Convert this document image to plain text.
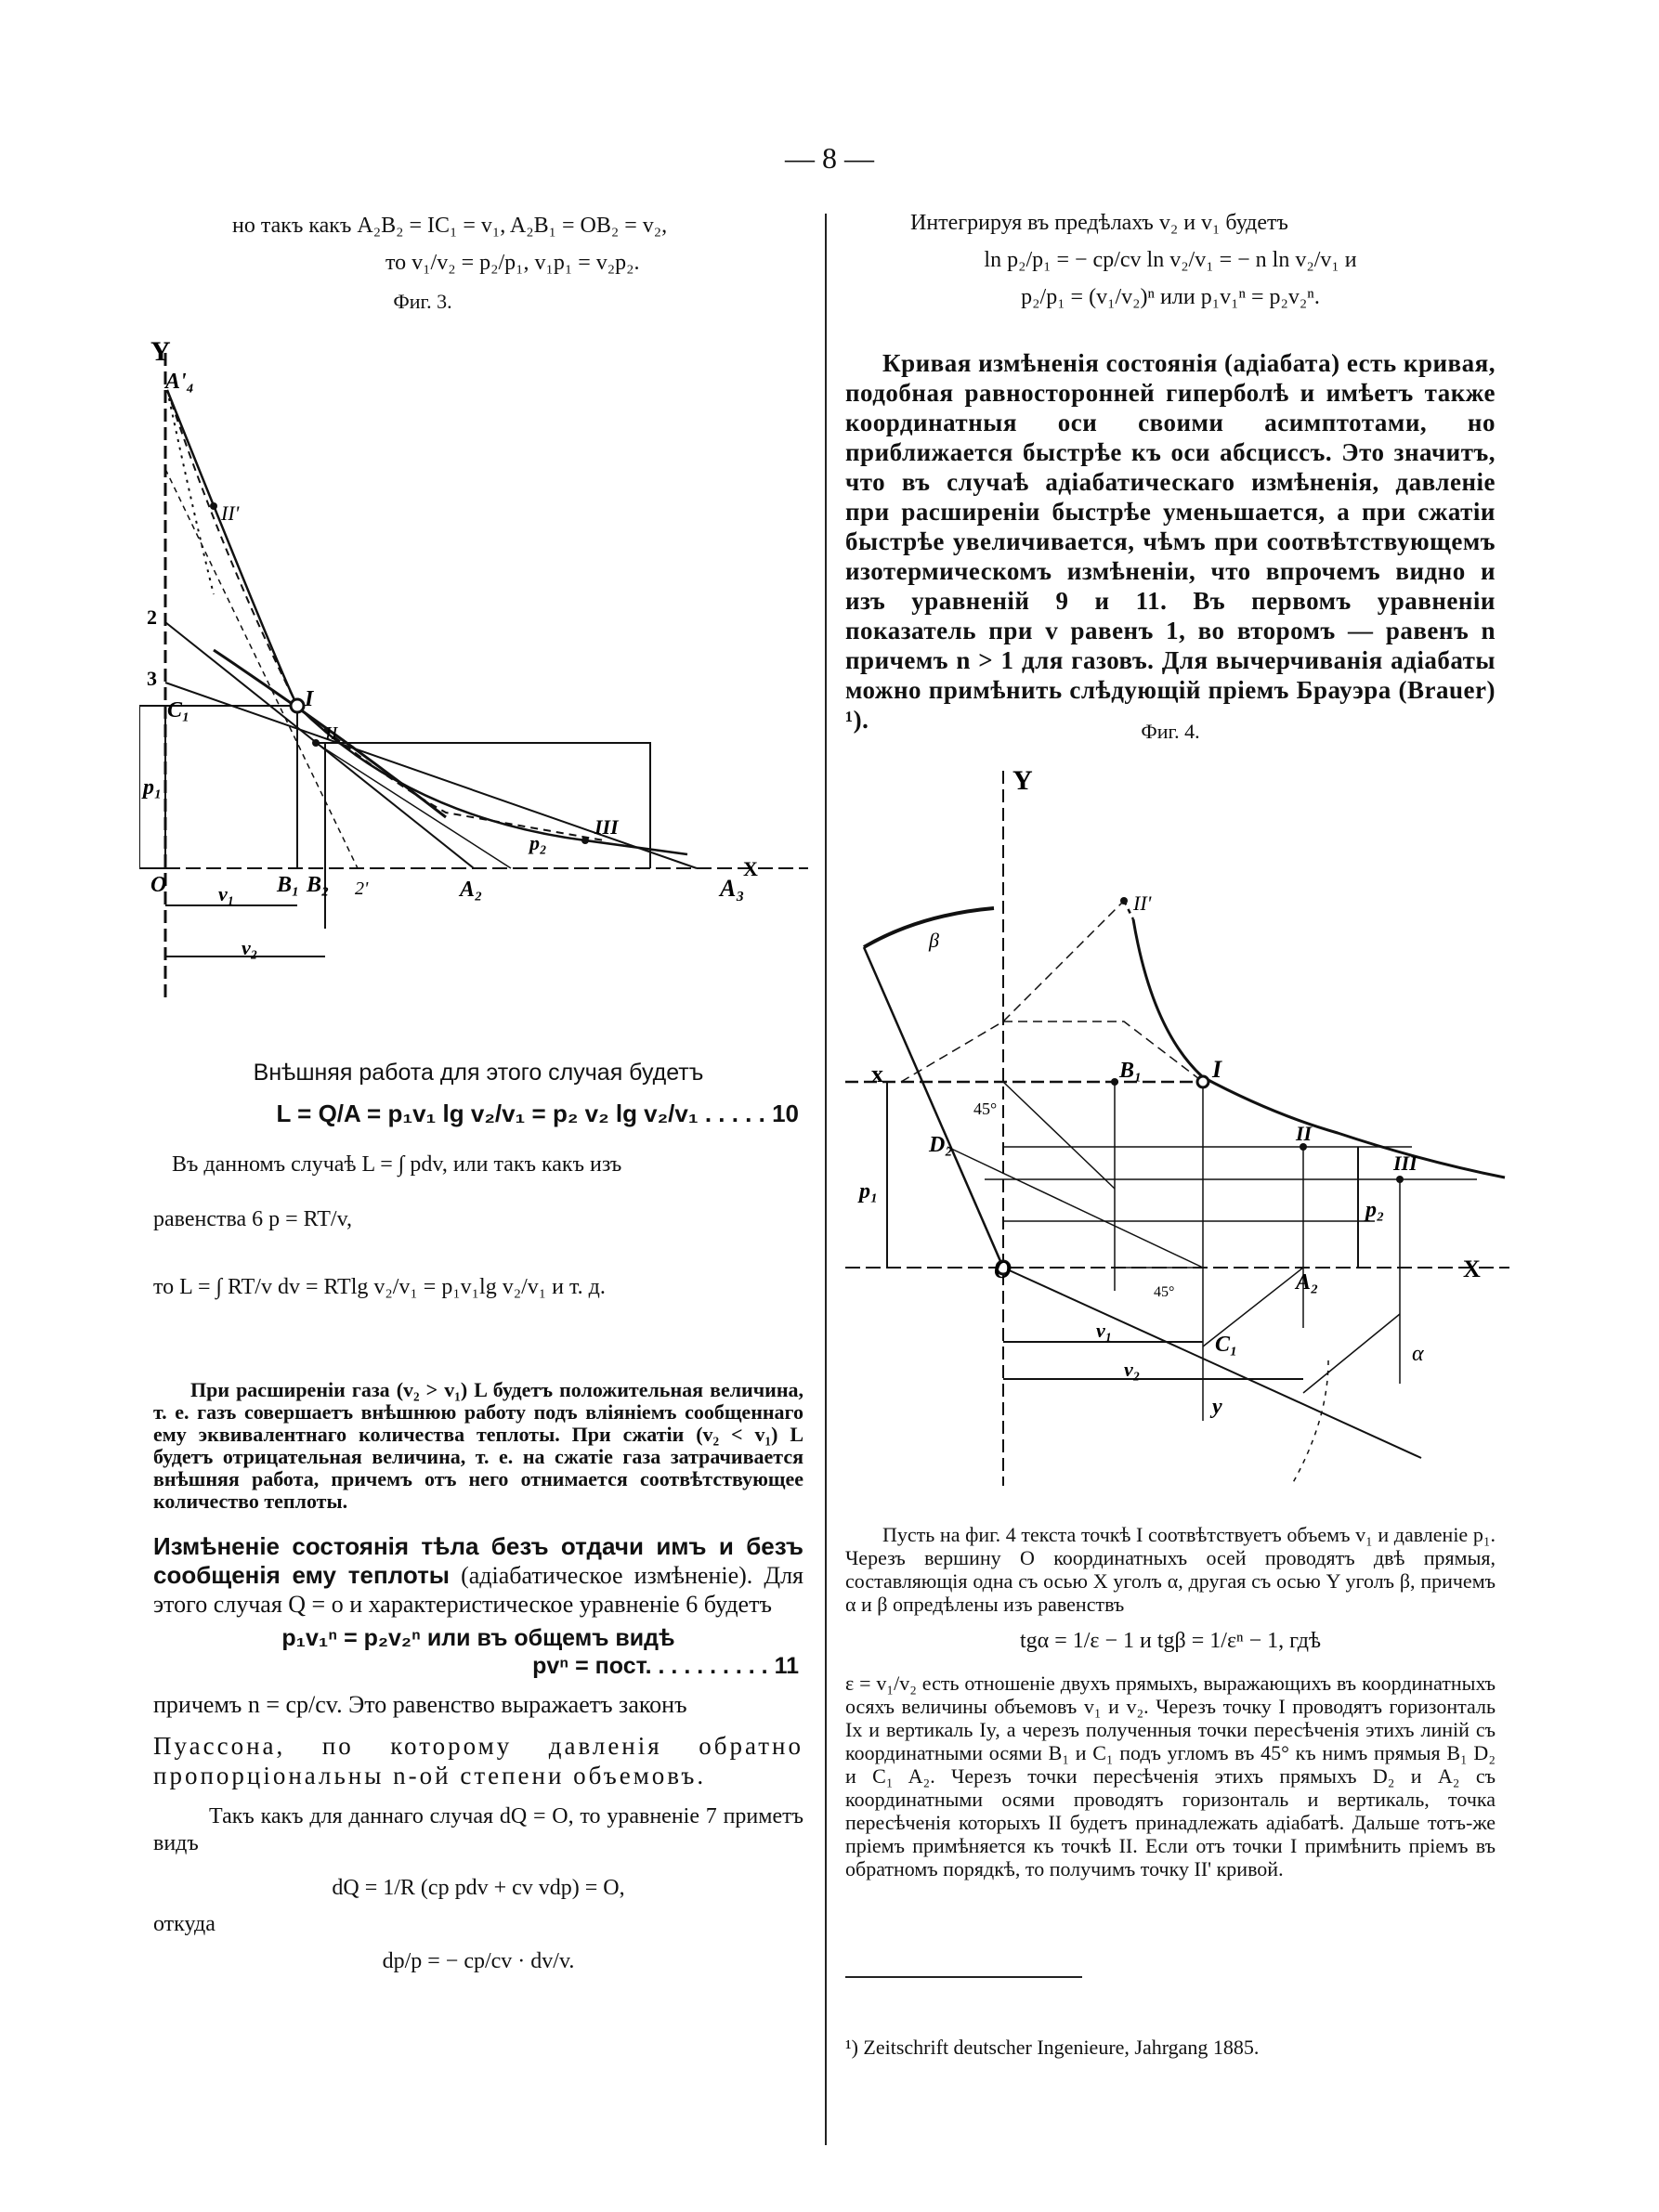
— 8 —
но такъ какъ A₂B₂ = IC₁ = v₁, A₂B₁ = OB₂ = v₂,
то v₁/v₂ = p₂/p₁, v₁p₁ = v₂p₂.
Фиг. 3.
Y
A'₄
II'
2
3
C₁
p₁
I
II
III
p₂
O	B₁ B₂ 2'	A₂	A₃
X
v₁
v₂
Внѣшняя работа для этого случая будетъ
L = Q/A = p₁v₁ lg v₂/v₁ = p₂ v₂ lg v₂/v₁ . . . . . 10
Въ данномъ случаѣ L = ∫ pdv, или такъ какъ изъ
равенства 6 p = RT/v,
то L = ∫ RT/v dv = RTlg v₂/v₁ = p₁v₁lg v₂/v₁ и т. д.

При расширеніи газа (v₂ > v₁) L будетъ положительная величина, т. е. газъ совершаетъ внѣшнюю работу подъ вліяніемъ сообщеннаго ему эквивалентнаго количества теплоты. При сжатіи (v₂ < v₁) L будетъ отрицательная величина, т. е. на сжатіе газа затрачивается внѣшняя работа, причемъ отъ него отнимается соотвѣтствующее количество теплоты.

Измѣненіе состоянія тѣла безъ отдачи имъ и безъ сообщенія ему теплоты (адіабатическое измѣненіе). Для этого случая Q = o и характеристическое уравненіе 6 будетъ

p₁v₁ⁿ = p₂v₂ⁿ или въ общемъ видѣ
pvⁿ = пост. . . . . . . . . . 11
причемъ n = cp/cv. Это равенство выражаетъ законъ

Пуассона, по которому давленія обратно пропорціональны n-ой степени объемовъ.

Такъ какъ для даннаго случая dQ = O, то уравненіе 7 приметъ видъ

dQ = 1/R (cp pdv + cv vdp) = O,
откуда
dp/p = − cp/cv · dv/v.
Интегрируя въ предѣлахъ v₂ и v₁ будетъ
ln p₂/p₁ = − cp/cv ln v₂/v₁ = − n ln v₂/v₁ и
p₂/p₁ = (v₁/v₂)ⁿ или p₁v₁ⁿ = p₂v₂ⁿ.

Кривая измѣненія состоянія (адіабата) есть кривая, подобная равносторонней гиперболѣ и имѣетъ также координатныя оси своими асимптотами, но приближается быстрѣе къ оси абсциссъ. Это значитъ, что въ случаѣ адіабатическаго измѣненія, давленіе при расширеніи быстрѣе уменьшается, а при сжатіи быстрѣе увеличивается, чѣмъ при соотвѣтствующемъ изотермическомъ измѣненіи, что впрочемъ видно и изъ уравненій 9 и 11. Въ первомъ уравненіи показатель при v равенъ 1, во второмъ — равенъ n причемъ n > 1 для газовъ. Для вычерчиванія адіабаты можно примѣнить слѣдующій пріемъ Брауэра (Brauer) ¹).	Фиг. 4.
Y
β
II'
x	B₁	I
45°
D₂	II
III
p₁
p₂
O	A₂	X
45°
v₁
C₁
v₂
α
y

Пусть на фиг. 4 текста точкѣ I соотвѣтствуетъ объемъ v₁ и давленіе p₁. Черезъ вершину O координатныхъ осей проводятъ двѣ прямыя, составляющія одна съ осью X уголъ α, другая съ осью Y уголъ β, причемъ α и β опредѣлены изъ равенствъ

tgα = 1/ε − 1 и tgβ = 1/εⁿ − 1, гдѣ

ε = v₁/v₂ есть отношеніе двухъ прямыхъ, выражающихъ въ координатныхъ осяхъ величины объемовъ v₁ и v₂. Черезъ точку I проводятъ горизонталь Ix и вертикаль Iy, а черезъ полученныя точки пересѣченія этихъ линій съ координатными осями B₁ и C₁ подъ угломъ въ 45° къ нимъ прямыя B₁ D₂ и C₁ A₂. Черезъ точки пересѣченія этихъ прямыхъ D₂ и A₂ съ координатными осями проводятъ горизонталь и вертикаль, точка пересѣченія которыхъ II будетъ принадлежать адіабатѣ. Дальше тотъ-же пріемъ примѣняется къ точкѣ II. Если отъ точки I примѣнить пріемъ въ обратномъ порядкѣ, то получимъ точку II' кривой.

¹) Zeitschrift deutscher Ingenieure, Jahrgang 1885.
